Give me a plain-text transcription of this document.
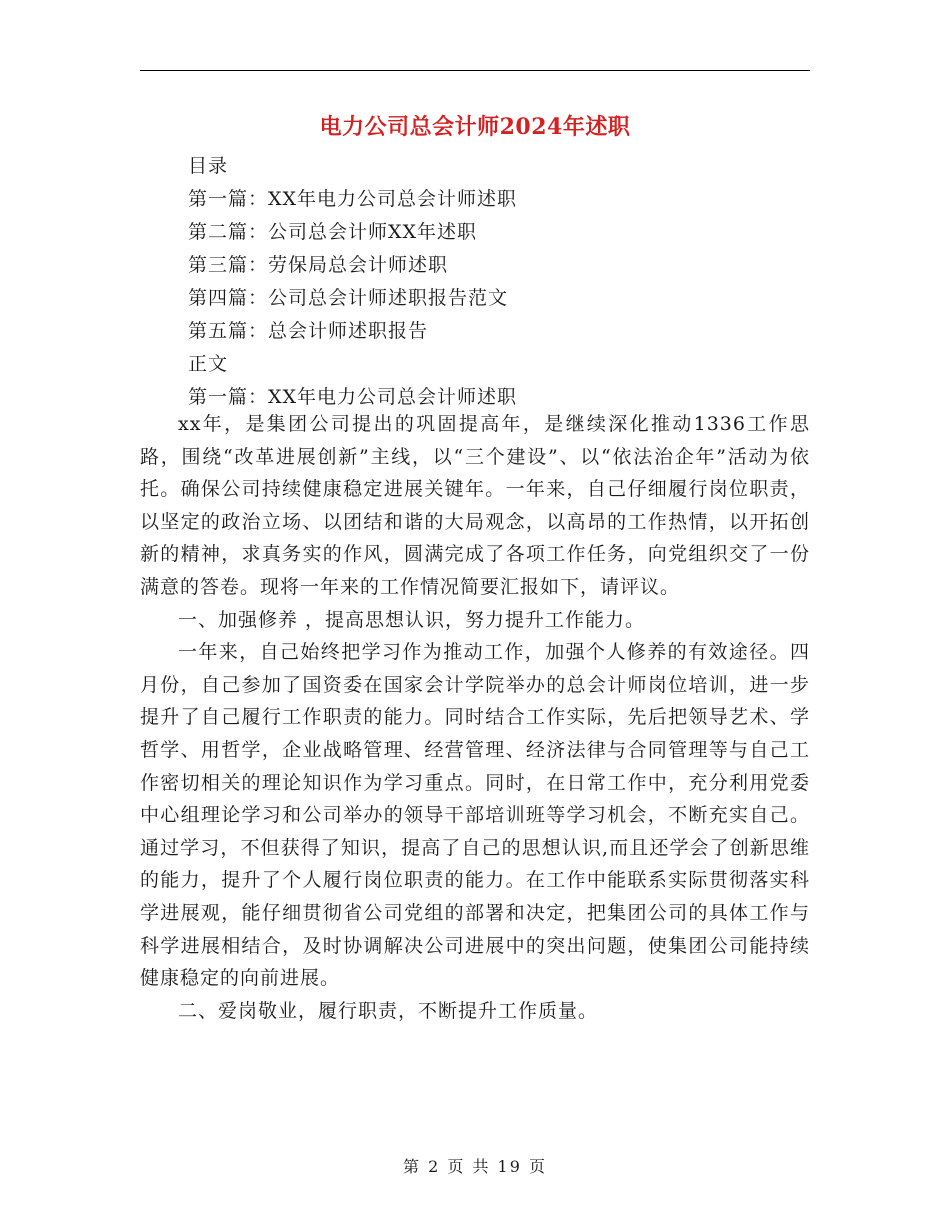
电力公司总会计师2024年述职
目录
第一篇：XX年电力公司总会计师述职
第二篇：公司总会计师XX年述职
第三篇：劳保局总会计师述职
第四篇：公司总会计师述职报告范文
第五篇：总会计师述职报告
正文
第一篇：XX年电力公司总会计师述职

xx年，是集团公司提出的巩固提高年，是继续深化推动1336工作思路，围绕“改革进展创新”主线，以“三个建设”、以“依法治企年”活动为依托。确保公司持续健康稳定进展关键年。一年来，自己仔细履行岗位职责，以坚定的政治立场、以团结和谐的大局观念，以高昂的工作热情，以开拓创新的精神，求真务实的作风，圆满完成了各项工作任务，向党组织交了一份满意的答卷。现将一年来的工作情况简要汇报如下，请评议。

一、加强修养 ，提高思想认识，努力提升工作能力。

一年来，自己始终把学习作为推动工作，加强个人修养的有效途径。四月份，自己参加了国资委在国家会计学院举办的总会计师岗位培训，进一步提升了自己履行工作职责的能力。同时结合工作实际，先后把领导艺术、学哲学、用哲学，企业战略管理、经营管理、经济法律与合同管理等与自己工作密切相关的理论知识作为学习重点。同时，在日常工作中，充分利用党委中心组理论学习和公司举办的领导干部培训班等学习机会，不断充实自己。通过学习，不但获得了知识，提高了自己的思想认识,而且还学会了创新思维的能力，提升了个人履行岗位职责的能力。在工作中能联系实际贯彻落实科学进展观，能仔细贯彻省公司党组的部署和决定，把集团公司的具体工作与科学进展相结合，及时协调解决公司进展中的突出问题，使集团公司能持续健康稳定的向前进展。

二、爱岗敬业，履行职责，不断提升工作质量。

第 2 页 共 19 页
